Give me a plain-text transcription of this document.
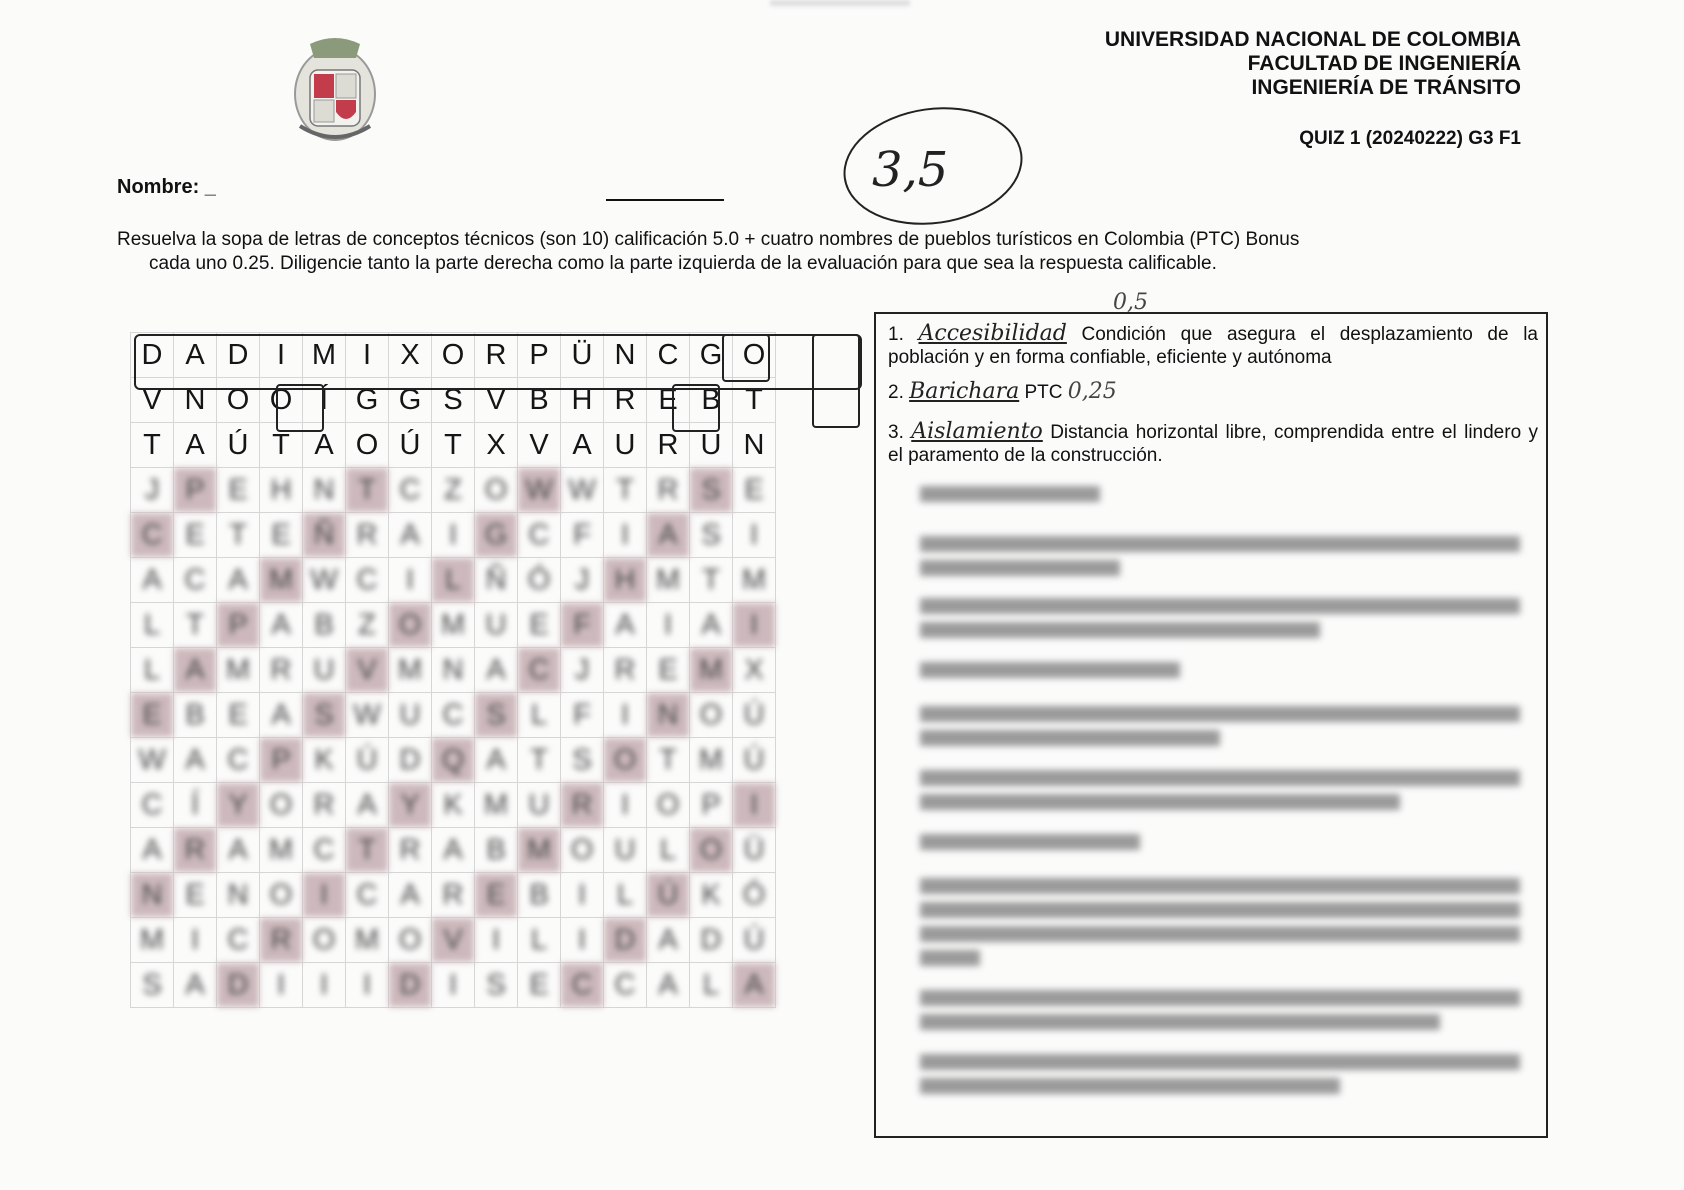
UNIVERSIDAD NACIONAL DE COLOMBIA
FACULTAD DE INGENIERÍA
INGENIERÍA DE TRÁNSITO
QUIZ 1 (20240222) G3 F1
3,5
Nombre: _
Resuelva la sopa de letras de conceptos técnicos (son 10) calificación 5.0 + cuatro nombres de pueblos turísticos en Colombia (PTC) Bonus
cada uno 0.25. Diligencie tanto la parte derecha como la parte izquierda de la evaluación para que sea la respuesta calificable.
D	A	D	I	M	I	X	O	R	P	Ü	N	C	G	O
V	N	O	O	Í	G	G	S	V	B	H	R	E	B	T
T	A	Ú	T	A	O	Ú	T	X	V	A	U	R	U	N
J	P	E	H	N	T	C	Z	O	W	W	T	R	S	E
C	E	T	E	Ñ	R	A	I	G	C	F	I	A	S	I
A	C	A	M	W	C	I	L	Ñ	Ó	J	H	M	T	M
L	T	P	A	B	Z	O	M	U	E	F	A	I	A	I
L	A	M	R	U	V	M	N	A	C	J	R	E	M	X
E	B	E	A	S	W	U	C	S	L	F	I	N	O	Ú
W	A	C	P	K	Ú	D	Q	A	T	S	O	T	M	Ú
C	Í	Y	O	R	A	Y	K	M	U	R	I	O	P	I
A	R	A	M	C	T	R	A	B	M	O	U	L	O	Ü
N	E	N	O	I	C	A	R	E	B	I	L	Ú	K	Ó
M	I	C	R	O	M	O	V	I	L	I	D	A	D	Ú
S	A	D	I	I	I	D	I	S	E	C	C	A	L	A
1. Accesibilidad Condición que asegura el desplazamiento de la población y en forma confiable, eficiente y autónoma
0,5
2. Barichara PTC 0,25
3. Aislamiento Distancia horizontal libre, comprendida entre el lindero y el paramento de la construcción.
